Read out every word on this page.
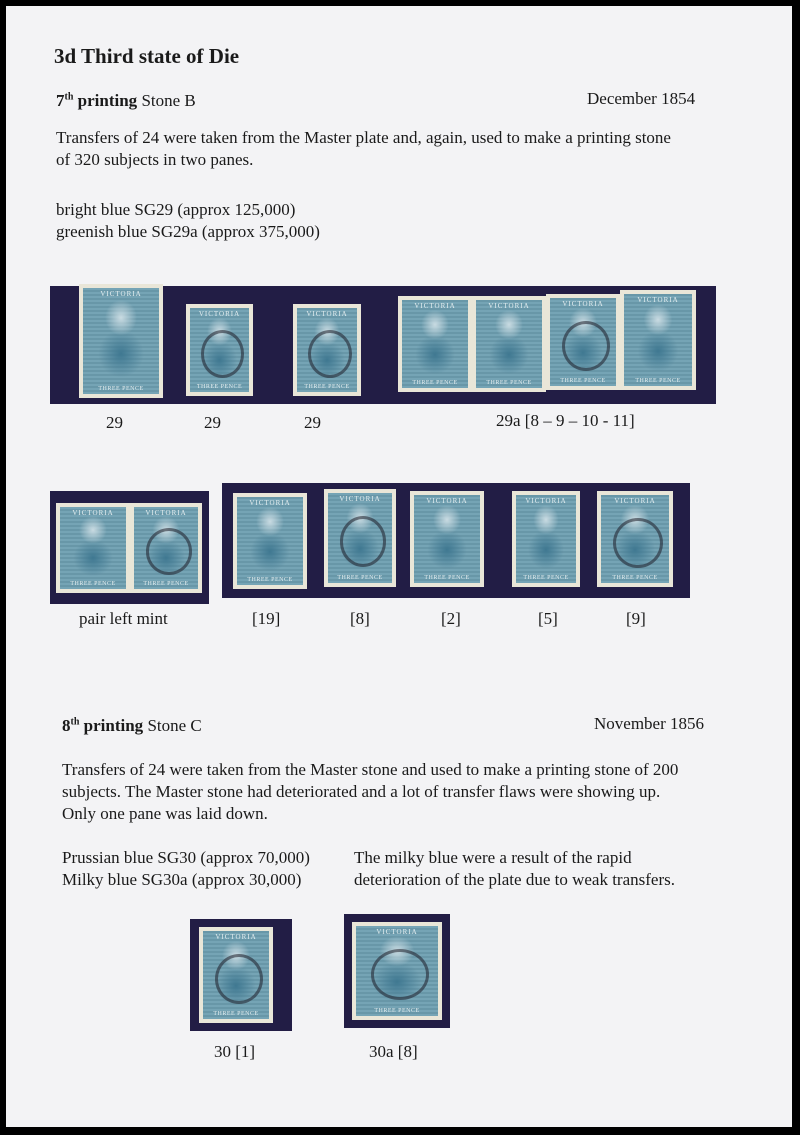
3d Third state of Die
7th printing Stone B	December 1854
Transfers of 24 were taken from the Master plate and, again, used to make a printing stone
of 320 subjects in two panes.
bright blue SG29 (approx 125,000)
greenish blue SG29a (approx 375,000)
VICTORIA
THREE PENCE
VICTORIA
THREE PENCE
VICTORIA
THREE PENCE
VICTORIA
THREE PENCE
VICTORIA
THREE PENCE
VICTORIA
THREE PENCE
VICTORIA
THREE PENCE
29	29	29	29a [8 – 9 – 10 - 11]
VICTORIA
THREE PENCE
VICTORIA
THREE PENCE
VICTORIA
THREE PENCE
VICTORIA
THREE PENCE
VICTORIA
THREE PENCE
VICTORIA
THREE PENCE
VICTORIA
THREE PENCE
pair left mint	[19]	[8]	[2]	[5]	[9]
8th printing Stone C	November 1856
Transfers of 24 were taken from the Master stone and used to make a printing stone of 200
subjects. The Master stone had deteriorated and a lot of transfer flaws were showing up.
Only one pane was laid down.
Prussian blue SG30 (approx 70,000)
Milky blue SG30a (approx 30,000)
The milky blue were a result of the rapid
deterioration of the plate due to weak transfers.
VICTORIA
THREE PENCE
VICTORIA
THREE PENCE
30 [1]	30a [8]
